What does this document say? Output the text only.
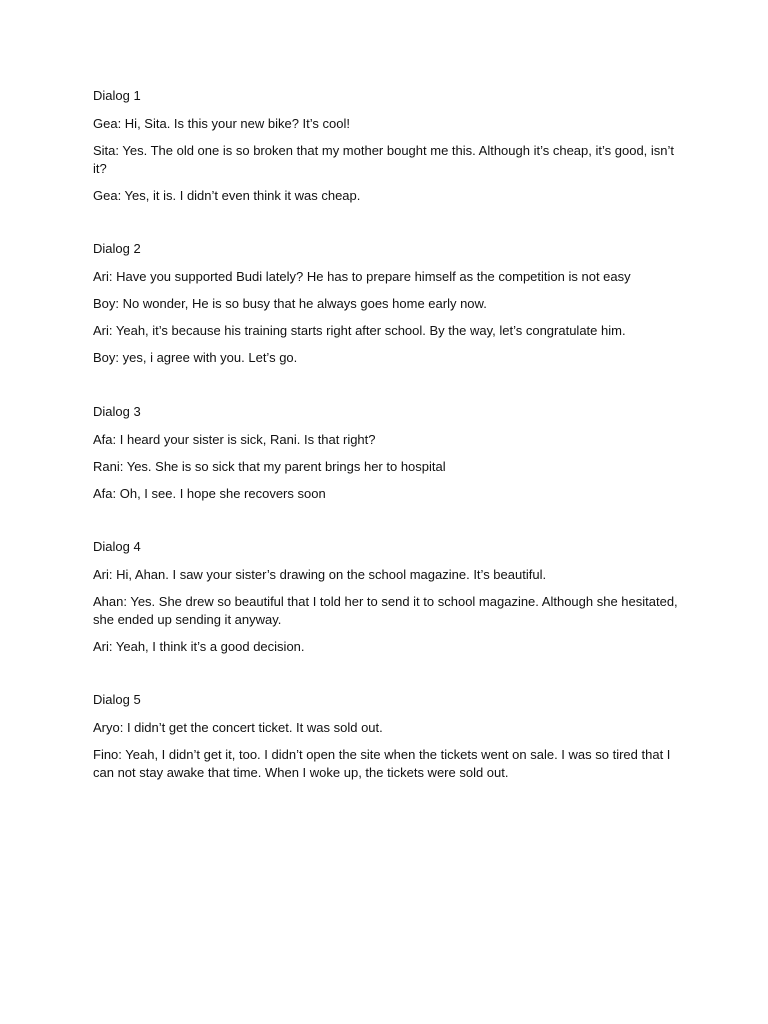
Dialog 1

Gea: Hi, Sita. Is this your new bike? It’s cool!

Sita: Yes. The old one is so broken that my mother bought me this. Although it’s cheap, it’s good, isn’t it?

Gea: Yes, it is. I didn’t even think it was cheap.

Dialog 2

Ari: Have you supported Budi lately? He has to prepare himself as the competition is not easy

Boy: No wonder, He is so busy that he always goes home early now.

Ari: Yeah, it’s because his training starts right after school. By the way, let’s congratulate him.

Boy: yes, i agree with you. Let’s go.

Dialog 3

Afa: I heard your sister is sick, Rani. Is that right?

Rani: Yes. She is so sick that my parent brings her to hospital

Afa: Oh, I see. I hope she recovers soon

Dialog 4

Ari: Hi, Ahan. I saw your sister’s drawing on the school magazine. It’s beautiful.

Ahan: Yes. She drew so beautiful that I told her to send it to school magazine. Although she hesitated, she ended up sending it anyway.

Ari: Yeah, I think it’s a good decision.

Dialog 5

Aryo: I didn’t get the concert ticket. It was sold out.

Fino: Yeah, I didn’t get it, too. I didn’t open the site when the tickets went on sale. I was so tired that I can not stay awake that time. When I woke up, the tickets were sold out.
